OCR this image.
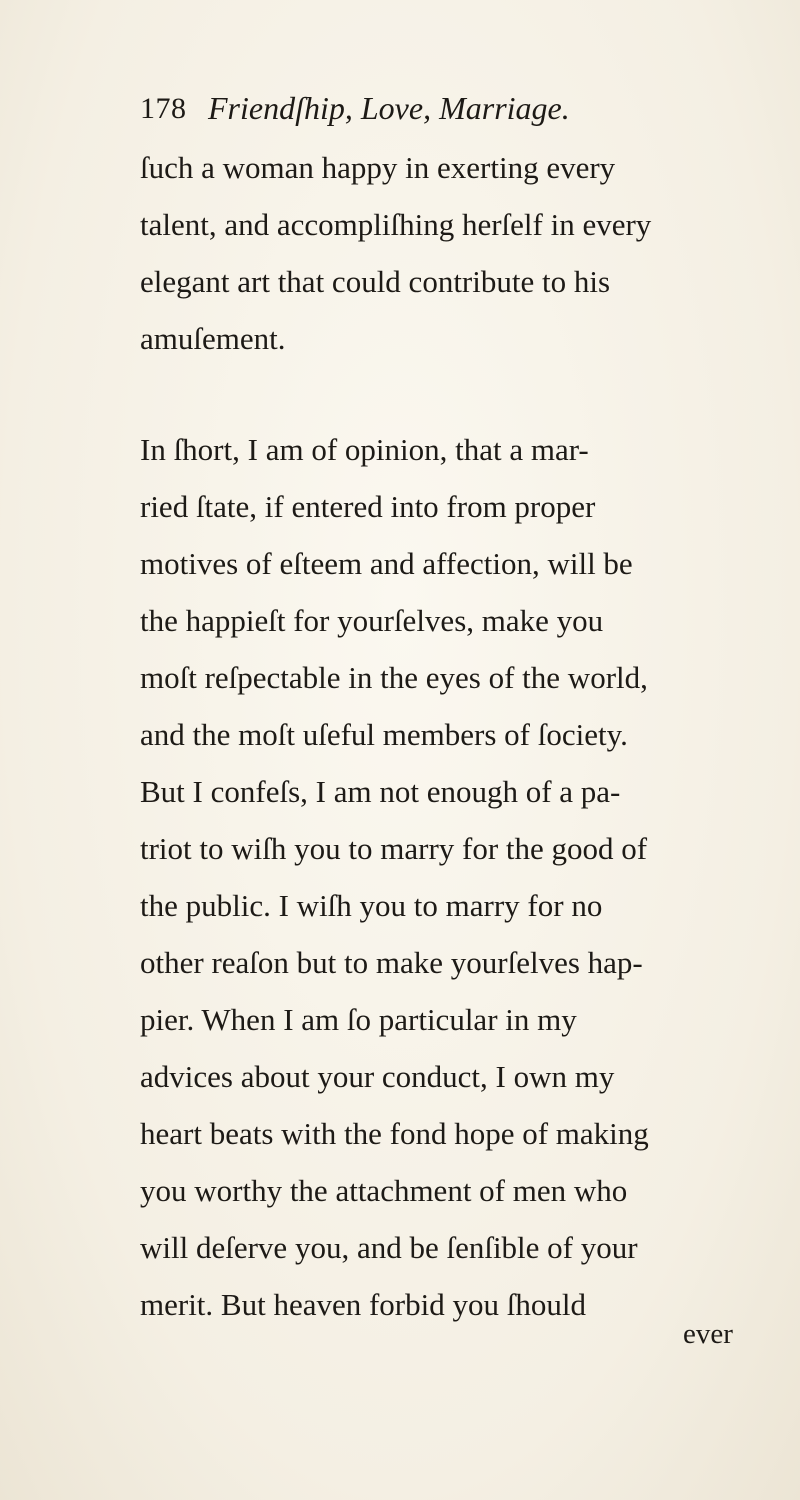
178 Friendſhip, Love, Marriage.
ſuch a woman happy in exerting every
talent, and accompliſhing herſelf in every
elegant art that could contribute to his
amuſement.
In ſhort, I am of opinion, that a mar-
ried ſtate, if entered into from proper
motives of eſteem and affection, will be
the happieſt for yourſelves, make you
moſt reſpectable in the eyes of the world,
and the moſt uſeful members of ſociety.
But I confeſs, I am not enough of a pa-
triot to wiſh you to marry for the good of
the public. I wiſh you to marry for no
other reaſon but to make yourſelves hap-
pier. When I am ſo particular in my
advices about your conduct, I own my
heart beats with the fond hope of making
you worthy the attachment of men who
will deſerve you, and be ſenſible of your
merit. But heaven forbid you ſhould
ever
